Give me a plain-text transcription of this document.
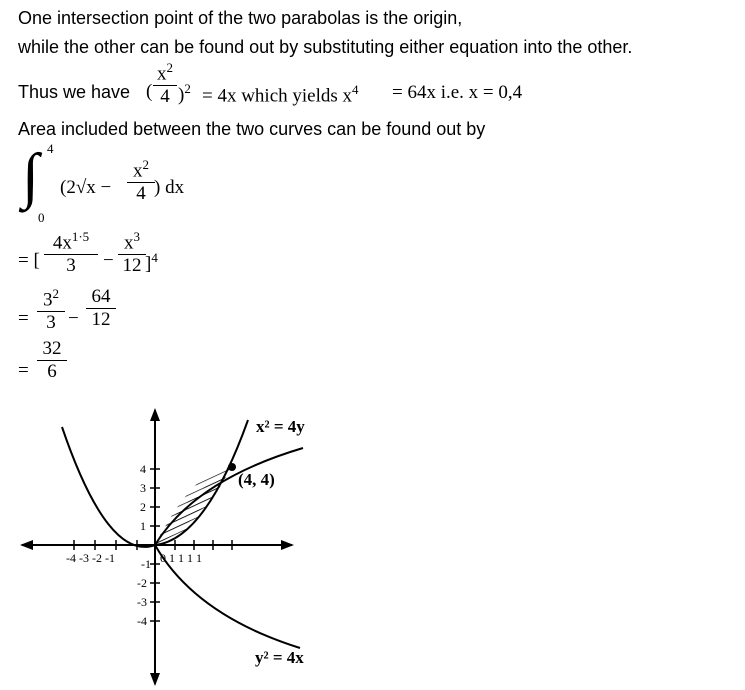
One intersection point of the two parabolas is the origin,
while the other can be found out by substituting either equation into the other.
Thus we have ( $\frac{x^2}{4} )^2 = 4x$ which yields $x^4 = 64x$ i.e. x = 0,4
Area included between the two curves can be found out by
∫ 4
0
($2√x - \frac{x^2}{4}$ ) dx
= [ $\frac{4x^{1\cdot 5}}{3} - \frac{x^3}{12} ]^4$
= $\frac{3^2}{3} - \frac{64}{12}$
= $\frac{32}{6}$
4
3
2
1
-1
-2
-3
-4
-4 -3 -2 -1	0 1 1 1 1
x² = 4y
(4, 4)
y² = 4x
